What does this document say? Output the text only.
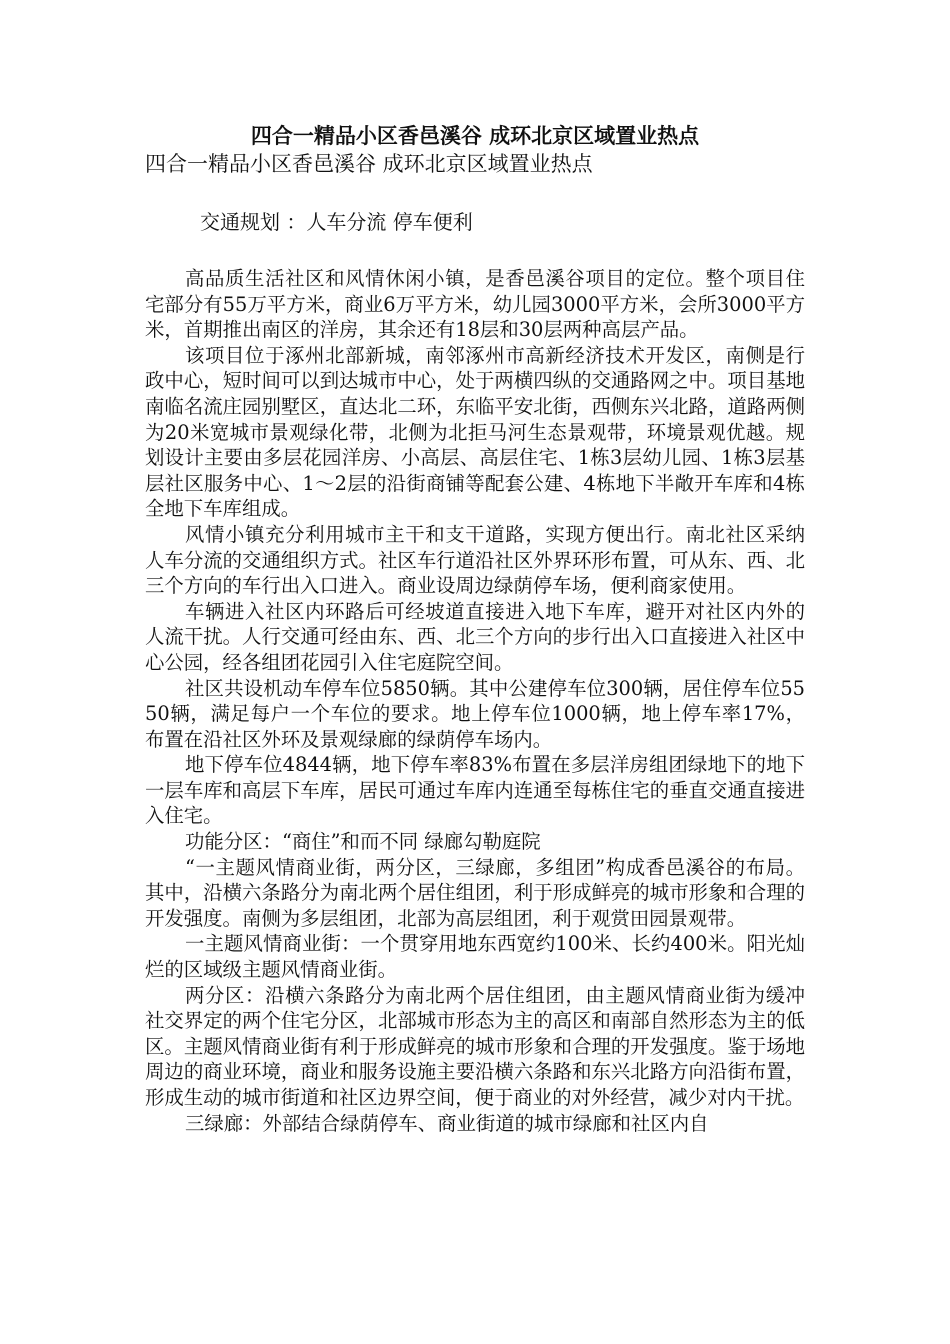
四合一精品小区香邑溪谷 成环北京区域置业热点

四合一精品小区香邑溪谷 成环北京区域置业热点

交通规划 ：人车分流 停车便利

高品质生活社区和风情休闲小镇，是香邑溪谷项目的定位。整个项目住宅部分有55万平方米，商业6万平方米，幼儿园3000平方米，会所3000平方米，首期推出南区的洋房，其余还有18层和30层两种高层产品。

该项目位于涿州北部新城，南邻涿州市高新经济技术开发区，南侧是行政中心，短时间可以到达城市中心，处于两横四纵的交通路网之中。项目基地南临名流庄园别墅区，直达北二环，东临平安北街，西侧东兴北路，道路两侧为20米宽城市景观绿化带，北侧为北拒马河生态景观带，环境景观优越。规划设计主要由多层花园洋房、小高层、高层住宅、1栋3层幼儿园、1栋3层基层社区服务中心、1～2层的沿街商铺等配套公建、4栋地下半敞开车库和4栋全地下车库组成。

风情小镇充分利用城市主干和支干道路，实现方便出行。南北社区采纳人车分流的交通组织方式。社区车行道沿社区外界环形布置，可从东、西、北三个方向的车行出入口进入。商业设周边绿荫停车场，便利商家使用。

车辆进入社区内环路后可经坡道直接进入地下车库，避开对社区内外的人流干扰。人行交通可经由东、西、北三个方向的步行出入口直接进入社区中心公园，经各组团花园引入住宅庭院空间。

社区共设机动车停车位5850辆。其中公建停车位300辆，居住停车位5550辆，满足每户一个车位的要求。地上停车位1000辆，地上停车率17%，布置在沿社区外环及景观绿廊的绿荫停车场内。

地下停车位4844辆，地下停车率83%布置在多层洋房组团绿地下的地下一层车库和高层下车库，居民可通过车库内连通至每栋住宅的垂直交通直接进入住宅。

功能分区：“商住”和而不同 绿廊勾勒庭院

“一主题风情商业街，两分区，三绿廊，多组团”构成香邑溪谷的布局。其中，沿横六条路分为南北两个居住组团，利于形成鲜亮的城市形象和合理的开发强度。南侧为多层组团，北部为高层组团，利于观赏田园景观带。

一主题风情商业街：一个贯穿用地东西宽约100米、长约400米。阳光灿烂的区域级主题风情商业街。

两分区：沿横六条路分为南北两个居住组团，由主题风情商业街为缓冲社交界定的两个住宅分区，北部城市形态为主的高区和南部自然形态为主的低区。主题风情商业街有利于形成鲜亮的城市形象和合理的开发强度。鉴于场地周边的商业环境，商业和服务设施主要沿横六条路和东兴北路方向沿街布置，形成生动的城市街道和社区边界空间，便于商业的对外经营，减少对内干扰。

三绿廊：外部结合绿荫停车、商业街道的城市绿廊和社区内自
